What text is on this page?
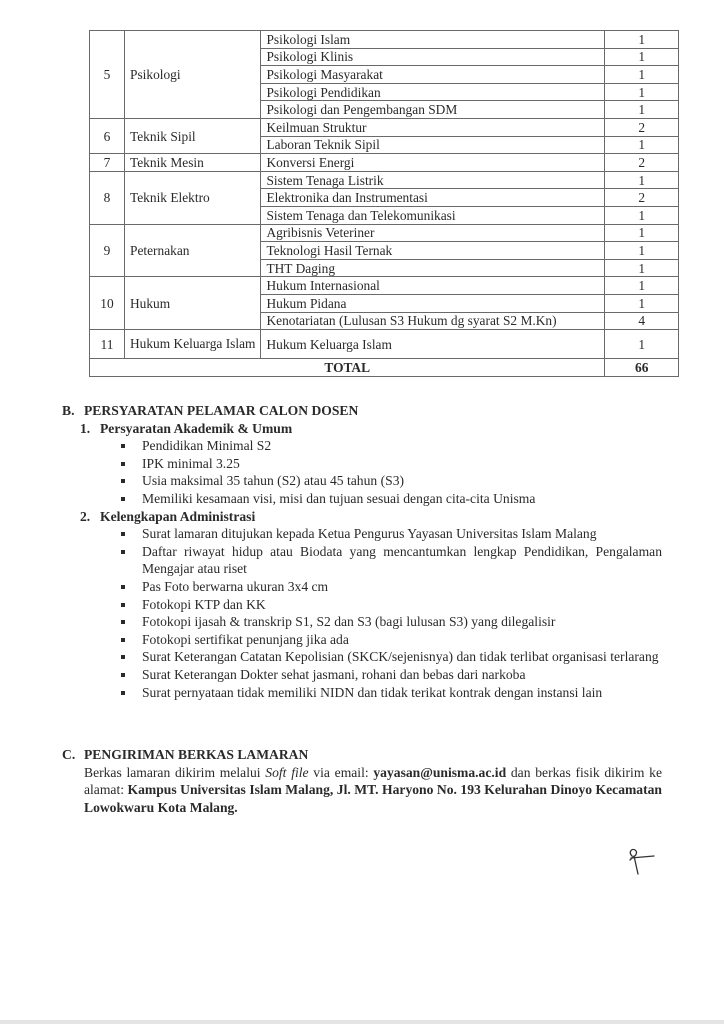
5	Psikologi	Psikologi Islam	1
		Psikologi Klinis	1
		Psikologi Masyarakat	1
		Psikologi Pendidikan	1
		Psikologi dan Pengembangan SDM	1
6	Teknik Sipil	Keilmuan Struktur	2
		Laboran Teknik Sipil	1
7	Teknik Mesin	Konversi Energi	2
8	Teknik Elektro	Sistem Tenaga Listrik	1
		Elektronika dan Instrumentasi	2
		Sistem Tenaga dan Telekomunikasi	1
9	Peternakan	Agribisnis Veteriner	1
		Teknologi Hasil Ternak	1
		THT Daging	1
10	Hukum	Hukum Internasional	1
		Hukum Pidana	1
		Kenotariatan (Lulusan S3 Hukum dg syarat S2 M.Kn)	4
11	Hukum Keluarga Islam	Hukum Keluarga Islam	1
TOTAL			66
B. PERSYARATAN PELAMAR CALON DOSEN
1. Persyaratan Akademik & Umum
Pendidikan Minimal S2
IPK minimal 3.25
Usia maksimal 35 tahun (S2) atau 45 tahun (S3)
Memiliki kesamaan visi, misi dan tujuan sesuai dengan cita-cita Unisma
2. Kelengkapan Administrasi
Surat lamaran ditujukan kepada Ketua Pengurus Yayasan Universitas Islam Malang
Daftar riwayat hidup atau Biodata yang mencantumkan lengkap Pendidikan, Pengalaman Mengajar atau riset
Pas Foto berwarna ukuran 3x4 cm
Fotokopi KTP dan KK
Fotokopi ijasah & transkrip S1, S2 dan S3 (bagi lulusan S3) yang dilegalisir
Fotokopi sertifikat penunjang jika ada
Surat Keterangan Catatan Kepolisian (SKCK/sejenisnya) dan tidak terlibat organisasi terlarang
Surat Keterangan Dokter sehat jasmani, rohani dan bebas dari narkoba
Surat pernyataan tidak memiliki NIDN dan tidak terikat kontrak dengan instansi lain
C. PENGIRIMAN BERKAS LAMARAN
Berkas lamaran dikirim melalui Soft file via email: yayasan@unisma.ac.id dan berkas fisik dikirim ke alamat: Kampus Universitas Islam Malang, Jl. MT. Haryono No. 193 Kelurahan Dinoyo Kecamatan Lowokwaru Kota Malang.
